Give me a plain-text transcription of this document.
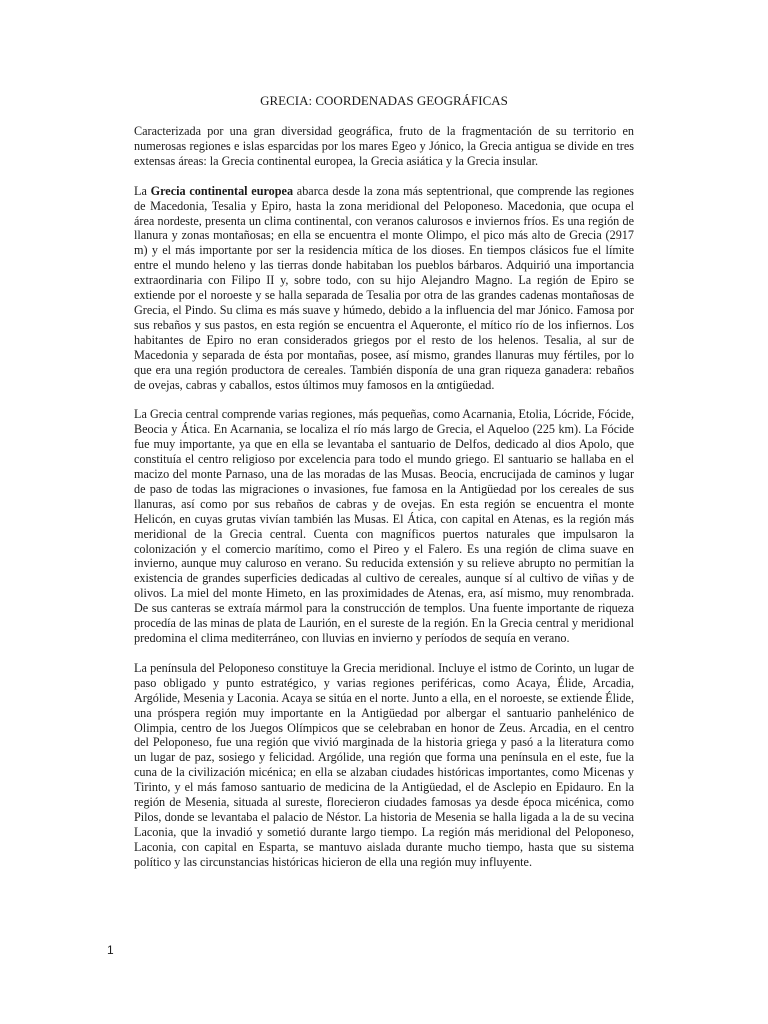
GRECIA: COORDENADAS GEOGRÁFICAS

Caracterizada por una gran diversidad geográfica, fruto de la fragmentación de su territorio en numerosas regiones e islas esparcidas por los mares Egeo y Jónico, la Grecia antigua se divide en tres extensas áreas: la Grecia continental europea, la Grecia asiática y la Grecia insular.

La Grecia continental europea abarca desde la zona más septentrional, que comprende las regiones de Macedonia, Tesalia y Epiro, hasta la zona meridional del Peloponeso. Macedonia, que ocupa el área nordeste, presenta un clima continental, con veranos calurosos e inviernos fríos. Es una región de llanura y zonas montañosas; en ella se encuentra el monte Olimpo, el pico más alto de Grecia (2917 m) y el más importante por ser la residencia mítica de los dioses. En tiempos clásicos fue el límite entre el mundo heleno y las tierras donde habitaban los pueblos bárbaros. Adquirió una importancia extraordinaria con Filipo II y, sobre todo, con su hijo Alejandro Magno. La región de Epiro se extiende por el noroeste y se halla separada de Tesalia por otra de las grandes cadenas montañosas de Grecia, el Pindo. Su clima es más suave y húmedo, debido a la influencia del mar Jónico. Famosa por sus rebaños y sus pastos, en esta región se encuentra el Aqueronte, el mítico río de los infiernos. Los habitantes de Epiro no eran considerados griegos por el resto de los helenos. Tesalia, al sur de Macedonia y separada de ésta por montañas, posee, así mismo, grandes llanuras muy fértiles, por lo que era una región productora de cereales. También disponía de una gran riqueza ganadera: rebaños de ovejas, cabras y caballos, estos últimos muy famosos en la αntigüedad.

La Grecia central comprende varias regiones, más pequeñas, como Acarnania, Etolia, Lócride, Fócide, Beocia y Ática. En Acarnania, se localiza el río más largo de Grecia, el Aqueloo (225 km). La Fócide fue muy importante, ya que en ella se levantaba el santuario de Delfos, dedicado al dios Apolo, que constituía el centro religioso por excelencia para todo el mundo griego. El santuario se hallaba en el macizo del monte Parnaso, una de las moradas de las Musas. Beocia, encrucijada de caminos y lugar de paso de todas las migraciones o invasiones, fue famosa en la Antigüedad por los cereales de sus llanuras, así como por sus rebaños de cabras y de ovejas. En esta región se encuentra el monte Helicón, en cuyas grutas vivían también las Musas. El Ática, con capital en Atenas, es la región más meridional de la Grecia central. Cuenta con magníficos puertos naturales que impulsaron la colonización y el comercio marítimo, como el Pireo y el Falero. Es una región de clima suave en invierno, aunque muy caluroso en verano. Su reducida extensión y su relieve abrupto no permitían la existencia de grandes superficies dedicadas al cultivo de cereales, aunque sí al cultivo de viñas y de olivos. La miel del monte Himeto, en las proximidades de Atenas, era, así mismo, muy renombrada. De sus canteras se extraía mármol para la construcción de templos. Una fuente importante de riqueza procedía de las minas de plata de Laurión, en el sureste de la región. En la Grecia central y meridional predomina el clima mediterráneo, con lluvias en invierno y períodos de sequía en verano.

La península del Peloponeso constituye la Grecia meridional. Incluye el istmo de Corinto, un lugar de paso obligado y punto estratégico, y varias regiones periféricas, como Acaya, Élide, Arcadia, Argólide, Mesenia y Laconia. Acaya se sitúa en el norte. Junto a ella, en el noroeste, se extiende Élide, una próspera región muy importante en la Antigüedad por albergar el santuario panhelénico de Olimpia, centro de los Juegos Olímpicos que se celebraban en honor de Zeus. Arcadia, en el centro del Peloponeso, fue una región que vivió marginada de la historia griega y pasó a la literatura como un lugar de paz, sosiego y felicidad. Argólide, una región que forma una península en el este, fue la cuna de la civilización micénica; en ella se alzaban ciudades históricas importantes, como Micenas y Tirinto, y el más famoso santuario de medicina de la Antigüedad, el de Asclepio en Epidauro. En la región de Mesenia, situada al sureste, florecieron ciudades famosas ya desde época micénica, como Pilos, donde se levantaba el palacio de Néstor. La historia de Mesenia se halla ligada a la de su vecina Laconia, que la invadió y sometió durante largo tiempo. La región más meridional del Peloponeso, Laconia, con capital en Esparta, se mantuvo aislada durante mucho tiempo, hasta que su sistema político y las circunstancias históricas hicieron de ella una región muy influyente.

1
